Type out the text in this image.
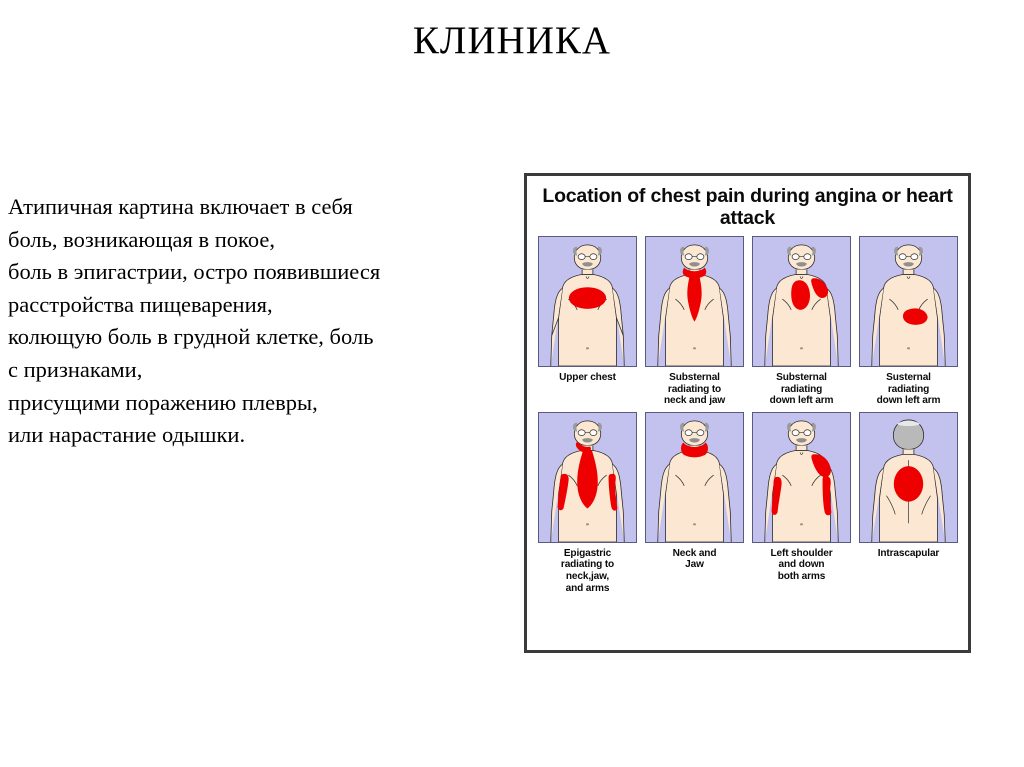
КЛИНИКА
Атипичная картина включает в себя
боль, возникающая в покое,
боль в эпигастрии, остро появившиеся
расстройства пищеварения,
колющую боль в грудной клетке, боль
с признаками,
присущими поражению плевры,
или нарастание одышки.
Location of chest pain during angina or heart attack
Upper chest	Substernal
radiating to
neck and jaw
Substernal
radiating
down left arm
Susternal
radiating
down left arm
Epigastric
radiating to
neck,jaw,
and arms
Neck and
Jaw
Left shoulder
and down
both arms
Intrascapular
